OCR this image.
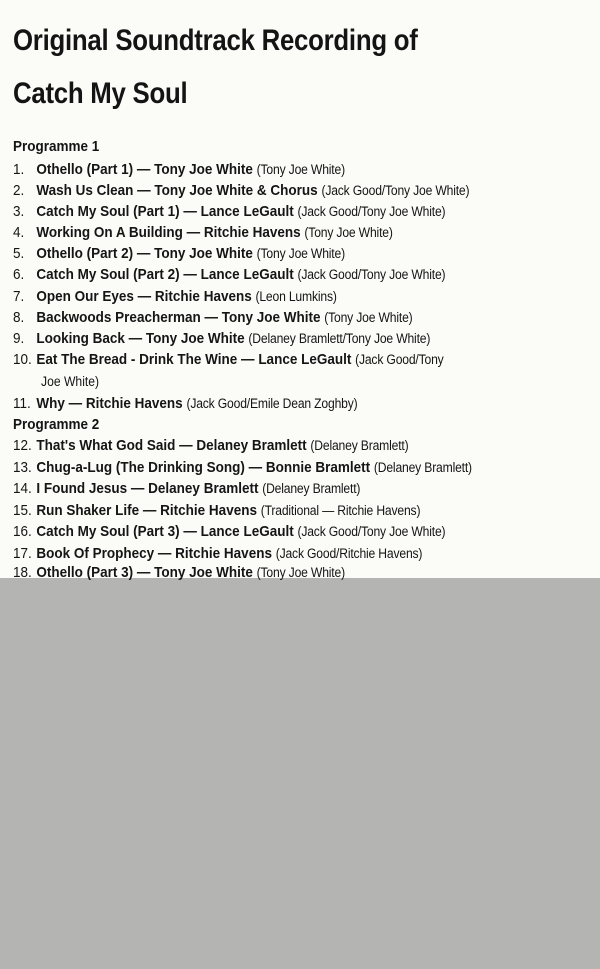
Original Soundtrack Recording of
Catch My Soul
Programme 1
1. Othello (Part 1) — Tony Joe White (Tony Joe White)
2. Wash Us Clean — Tony Joe White & Chorus (Jack Good/Tony Joe White)
3. Catch My Soul (Part 1) — Lance LeGault (Jack Good/Tony Joe White)
4. Working On A Building — Ritchie Havens (Tony Joe White)
5. Othello (Part 2) — Tony Joe White (Tony Joe White)
6. Catch My Soul (Part 2) — Lance LeGault (Jack Good/Tony Joe White)
7. Open Our Eyes — Ritchie Havens (Leon Lumkins)
8. Backwoods Preacherman — Tony Joe White (Tony Joe White)
9. Looking Back — Tony Joe White (Delaney Bramlett/Tony Joe White)
10. Eat The Bread - Drink The Wine — Lance LeGault (Jack Good/Tony
Joe White)
11. Why — Ritchie Havens (Jack Good/Emile Dean Zoghby)
Programme 2
12. That's What God Said — Delaney Bramlett (Delaney Bramlett)
13. Chug-a-Lug (The Drinking Song) — Bonnie Bramlett (Delaney Bramlett)
14. I Found Jesus — Delaney Bramlett (Delaney Bramlett)
15. Run Shaker Life — Ritchie Havens (Traditional — Ritchie Havens)
16. Catch My Soul (Part 3) — Lance LeGault (Jack Good/Tony Joe White)
17. Book Of Prophecy — Ritchie Havens (Jack Good/Ritchie Havens)
18. Othello (Part 3) — Tony Joe White (Tony Joe White)
